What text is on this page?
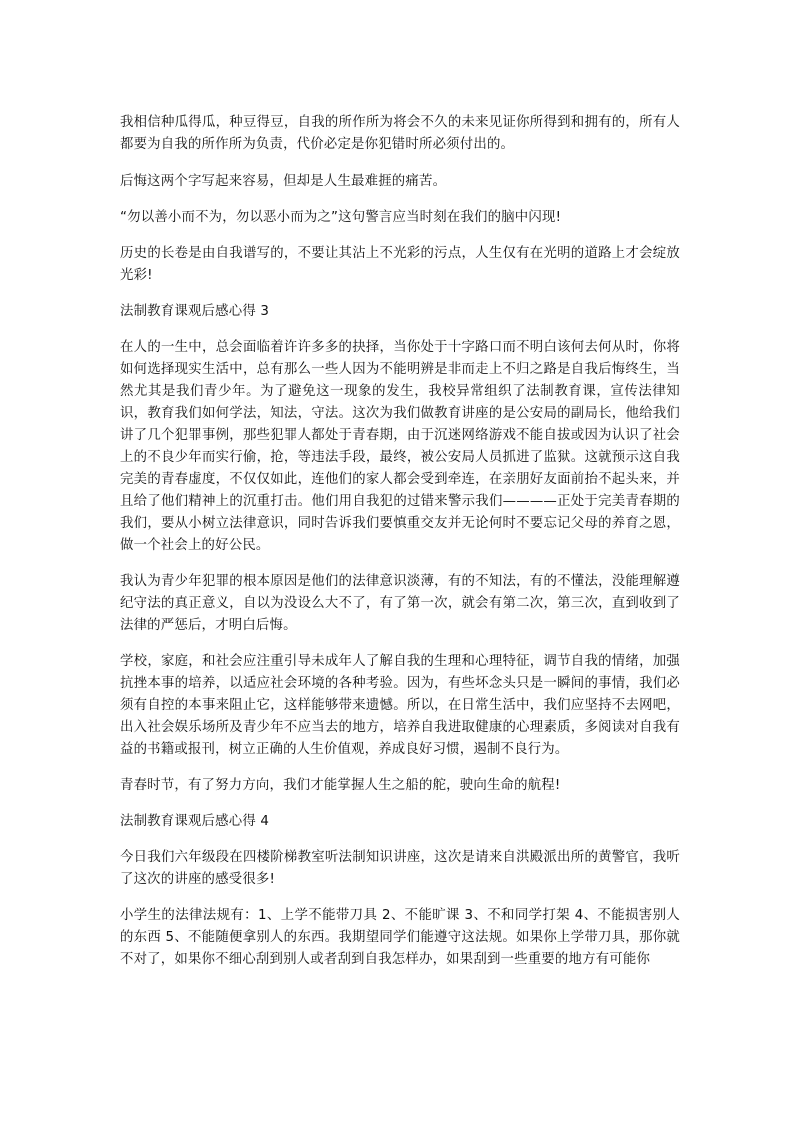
我相信种瓜得瓜，种豆得豆，自我的所作所为将会不久的未来见证你所得到和拥有的，所有人都要为自我的所作所为负责，代价必定是你犯错时所必须付出的。

后悔这两个字写起来容易，但却是人生最难捱的痛苦。

“勿以善小而不为，勿以恶小而为之”这句警言应当时刻在我们的脑中闪现!

历史的长卷是由自我谱写的，不要让其沾上不光彩的污点，人生仅有在光明的道路上才会绽放光彩!

法制教育课观后感心得 3

在人的一生中，总会面临着许许多多的抉择，当你处于十字路口而不明白该何去何从时，你将如何选择现实生活中，总有那么一些人因为不能明辨是非而走上不归之路是自我后悔终生，当然尤其是我们青少年。为了避免这一现象的发生，我校异常组织了法制教育课，宣传法律知识，教育我们如何学法，知法，守法。这次为我们做教育讲座的是公安局的副局长，他给我们讲了几个犯罪事例，那些犯罪人都处于青春期，由于沉迷网络游戏不能自拔或因为认识了社会上的不良少年而实行偷，抢，等违法手段，最终，被公安局人员抓进了监狱。这就预示这自我完美的青春虚度，不仅仅如此，连他们的家人都会受到牵连，在亲朋好友面前抬不起头来，并且给了他们精神上的沉重打击。他们用自我犯的过错来警示我们————正处于完美青春期的我们，要从小树立法律意识，同时告诉我们要慎重交友并无论何时不要忘记父母的养育之恩，做一个社会上的好公民。

我认为青少年犯罪的根本原因是他们的法律意识淡薄，有的不知法，有的不懂法，没能理解遵纪守法的真正意义，自以为没设么大不了，有了第一次，就会有第二次，第三次，直到收到了法律的严惩后，才明白后悔。

学校，家庭，和社会应注重引导未成年人了解自我的生理和心理特征，调节自我的情绪，加强抗挫本事的培养，以适应社会环境的各种考验。因为，有些坏念头只是一瞬间的事情，我们必须有自控的本事来阻止它，这样能够带来遗憾。所以，在日常生活中，我们应坚持不去网吧，出入社会娱乐场所及青少年不应当去的地方，培养自我进取健康的心理素质，多阅读对自我有益的书籍或报刊，树立正确的人生价值观，养成良好习惯，遏制不良行为。

青春时节，有了努力方向，我们才能掌握人生之船的舵，驶向生命的航程!

法制教育课观后感心得 4

今日我们六年级段在四楼阶梯教室听法制知识讲座，这次是请来自洪殿派出所的黄警官，我听了这次的讲座的感受很多!

小学生的法律法规有：1、上学不能带刀具 2、不能旷课 3、不和同学打架 4、不能损害别人的东西 5、不能随便拿别人的东西。我期望同学们能遵守这法规。如果你上学带刀具，那你就不对了，如果你不细心刮到别人或者刮到自我怎样办，如果刮到一些重要的地方有可能你
